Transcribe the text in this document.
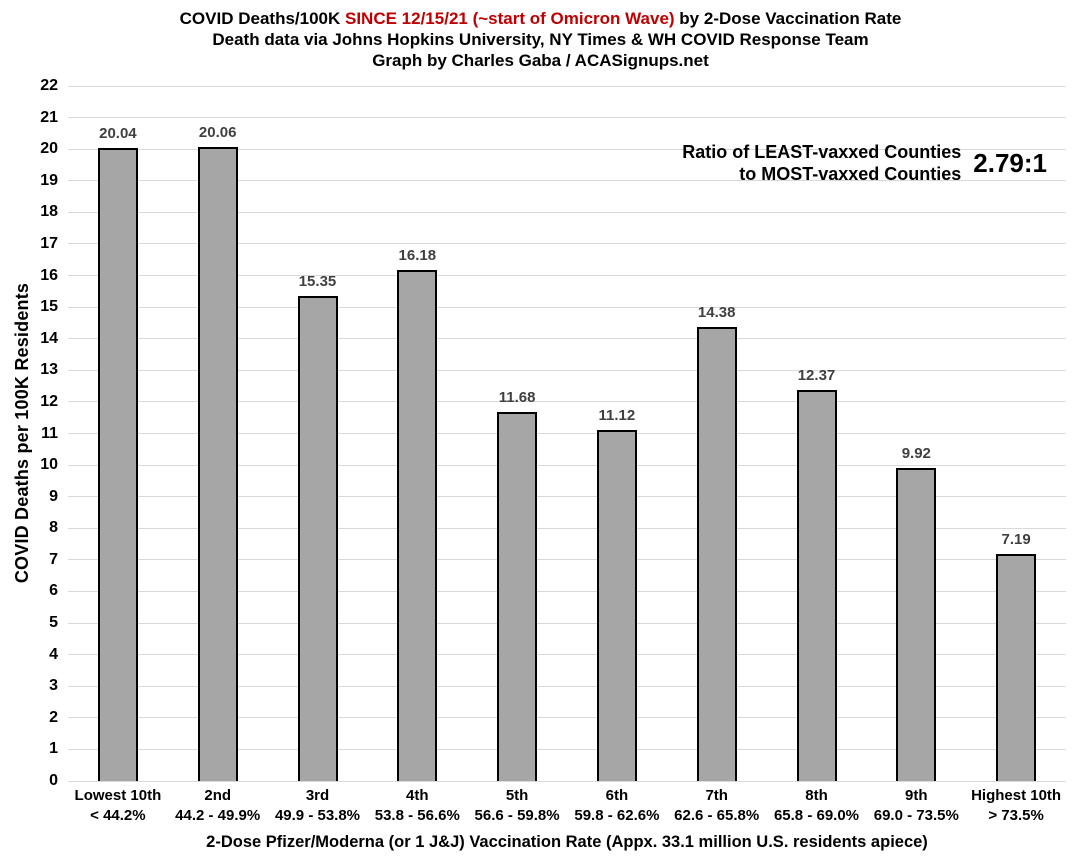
COVID Deaths/100K SINCE 12/15/21 (~start of Omicron Wave) by 2-Dose Vaccination Rate
Death data via Johns Hopkins University, NY Times & WH COVID Response Team
Graph by Charles Gaba / ACASignups.net
COVID Deaths per 100K Residents
0
1
2
3
4
5
6
7
8
9
10
11
12
13
14
15
16
17
18
19
20
21
22
20.04	20.06
15.35
16.18
11.68
11.12
14.38
12.37
9.92
7.19
Ratio of LEAST-vaxxed Counties
to MOST-vaxxed Counties 2.79:1
Lowest 10th
< 44.2%
2nd
44.2 - 49.9%
3rd
49.9 - 53.8%
4th
53.8 - 56.6%
5th
56.6 - 59.8%
6th
59.8 - 62.6%
7th
62.6 - 65.8%
8th
65.8 - 69.0%
9th
69.0 - 73.5%
Highest 10th
> 73.5%
2-Dose Pfizer/Moderna (or 1 J&J) Vaccination Rate (Appx. 33.1 million U.S. residents apiece)
